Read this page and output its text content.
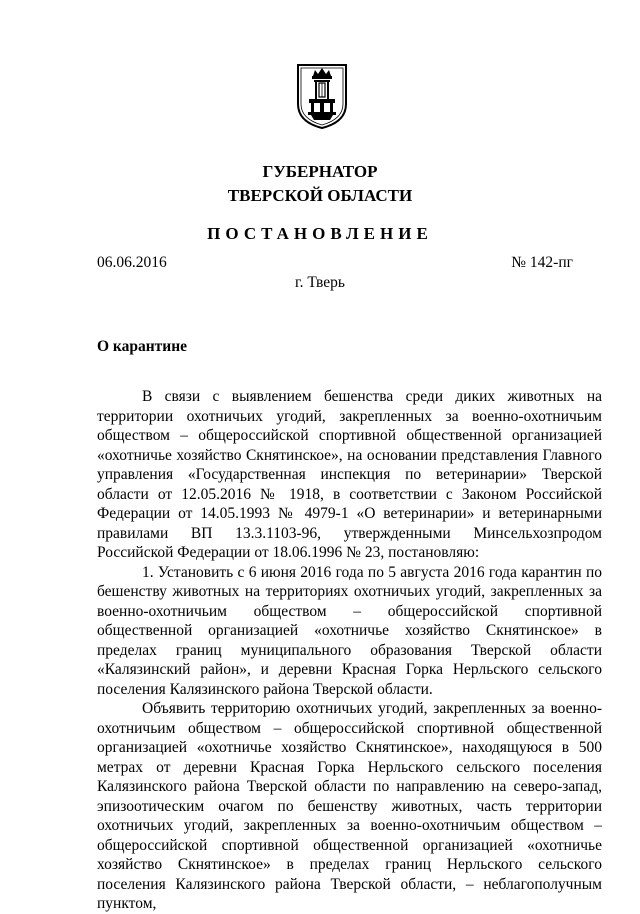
ГУБЕРНАТОР
ТВЕРСКОЙ ОБЛАСТИ
ПОСТАНОВЛЕНИЕ
06.06.2016	№ 142-пг
г. Тверь
О карантине

В связи с выявлением бешенства среди диких животных на территории охотничьих угодий, закрепленных за военно-охотничьим обществом – общероссийской спортивной общественной организацией «охотничье хозяйство Скнятинское», на основании представления Главного управления «Государственная инспекция по ветеринарии» Тверской области от 12.05.2016 № 1918, в соответствии с Законом Российской Федерации от 14.05.1993 № 4979-1 «О ветеринарии» и ветеринарными правилами ВП 13.3.1103-96, утвержденными Минсельхозпродом Российской Федерации от 18.06.1996 № 23, постановляю:

1. Установить с 6 июня 2016 года по 5 августа 2016 года карантин по бешенству животных на территориях охотничьих угодий, закрепленных за военно-охотничьим обществом – общероссийской спортивной общественной организацией «охотничье хозяйство Скнятинское» в пределах границ муниципального образования Тверской области «Калязинский район», и деревни Красная Горка Нерльского сельского поселения Калязинского района Тверской области.

Объявить территорию охотничьих угодий, закрепленных за военно-охотничьим обществом – общероссийской спортивной общественной организацией «охотничье хозяйство Скнятинское», находящуюся в 500 метрах от деревни Красная Горка Нерльского сельского поселения Калязинского района Тверской области по направлению на северо-запад, эпизоотическим очагом по бешенству животных, часть территории охотничьих угодий, закрепленных за военно-охотничьим обществом – общероссийской спортивной общественной организацией «охотничье хозяйство Скнятинское» в пределах границ Нерльского сельского поселения Калязинского района Тверской области, – неблагополучным пунктом,
